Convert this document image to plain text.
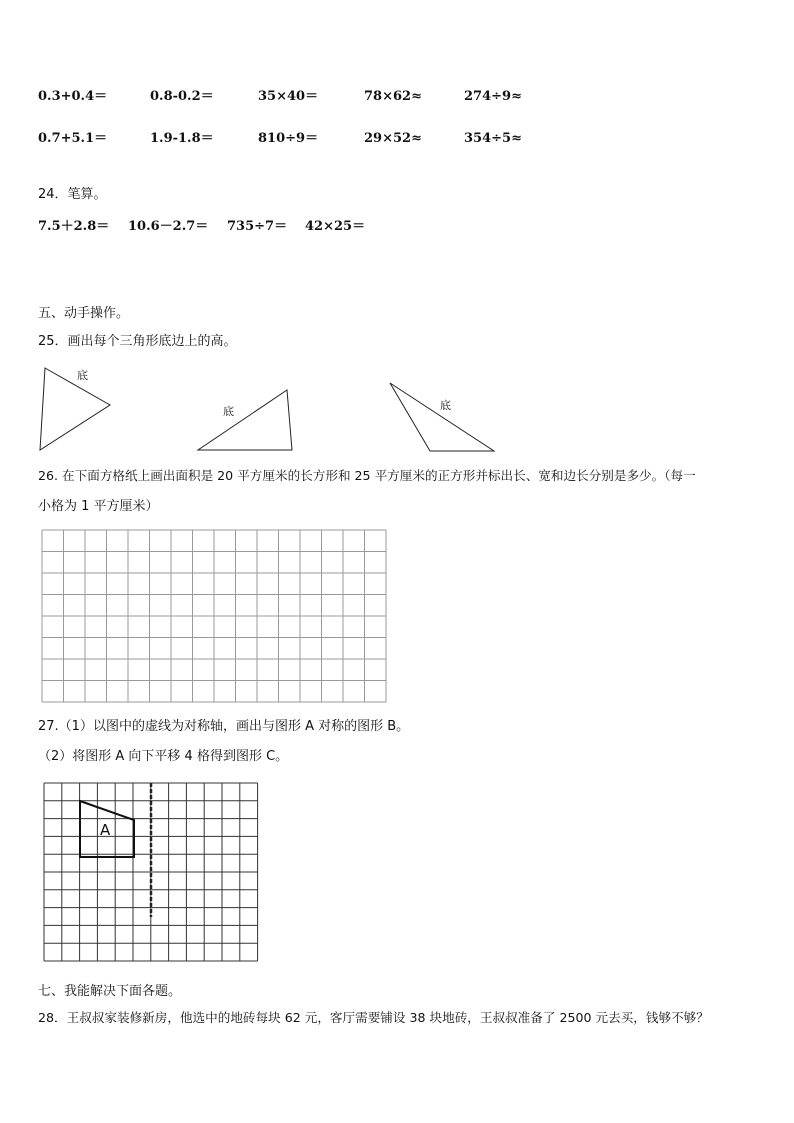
0.3+0.4＝	0.8-0.2＝	35×40＝	78×62≈	274÷9≈
0.7+5.1＝	1.9-1.8＝	810÷9＝	29×52≈	354÷5≈
24．笔算。
7.5＋2.8＝ 10.6－2.7＝ 735÷7＝ 42×25＝
五、动手操作。
25．画出每个三角形底边上的高。
底
底	底
26. 在下面方格纸上画出面积是 20 平方厘米的长方形和 25 平方厘米的正方形并标出长、宽和边长分别是多少。（每一
小格为 1 平方厘米）
27.（1）以图中的虚线为对称轴，画出与图形 A 对称的图形 B。
（2）将图形 A 向下平移 4 格得到图形 C。
A
七、我能解决下面各题。
28．王叔叔家装修新房，他选中的地砖每块 62 元，客厅需要铺设 38 块地砖，王叔叔准备了 2500 元去买，钱够不够？
